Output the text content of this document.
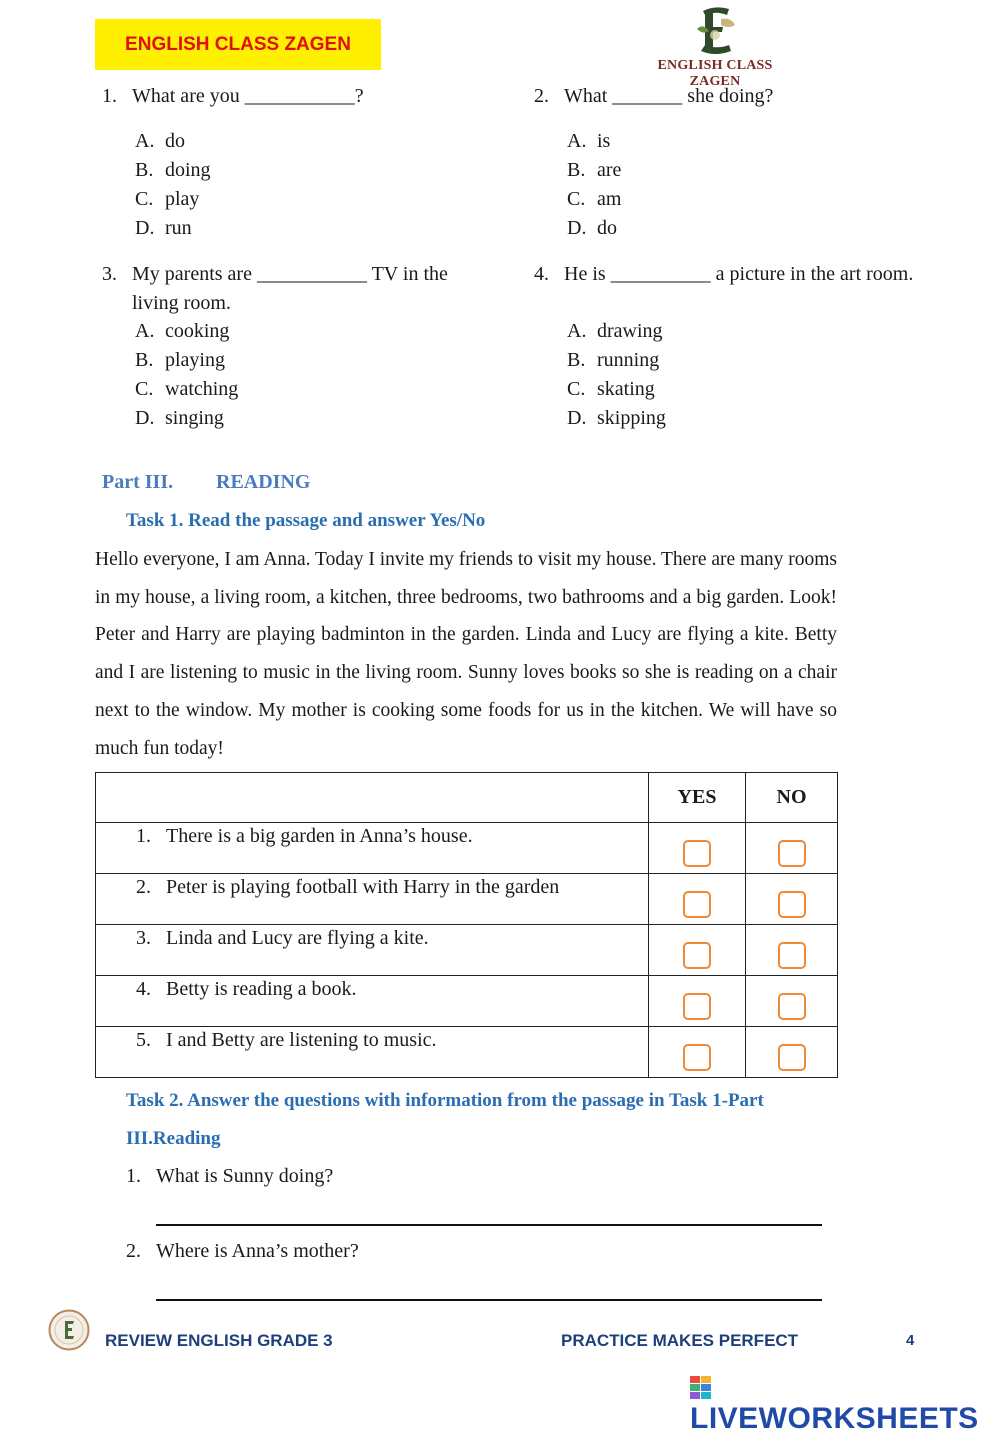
ENGLISH CLASS ZAGEN
ENGLISH CLASS ZAGEN
1. What are you ___________?
A. do
B. doing
C. play
D. run
2. What _______ she doing?
A. is
B. are
C. am
D. do
3. My parents are ___________ TV in the
living room.
A. cooking
B. playing
C. watching
D. singing
4. He is __________ a picture in the art room.
A. drawing
B. running
C. skating
D. skipping
Part III. READING
Task 1. Read the passage and answer Yes/No
Hello everyone, I am Anna. Today I invite my friends to visit my house. There are many rooms in my house, a living room, a kitchen, three bedrooms, two bathrooms and a big garden. Look! Peter and Harry are playing badminton in the garden. Linda and Lucy are flying a kite. Betty and I are listening to music in the living room. Sunny loves books so she is reading on a chair next to the window. My mother is cooking some foods for us in the kitchen. We will have so much fun today!
	YES	NO
1. There is a big garden in Anna’s house.	

2. Peter is playing football with Harry in the garden	

3. Linda and Lucy are flying a kite.	

4. Betty is reading a book.	

5. I and Betty are listening to music.	

Task 2. Answer the questions with information from the passage in Task 1-Part
III.Reading
1. What is Sunny doing?
2. Where is Anna’s mother?
REVIEW ENGLISH GRADE 3	PRACTICE MAKES PERFECT	4
LIVEWORKSHEETS
